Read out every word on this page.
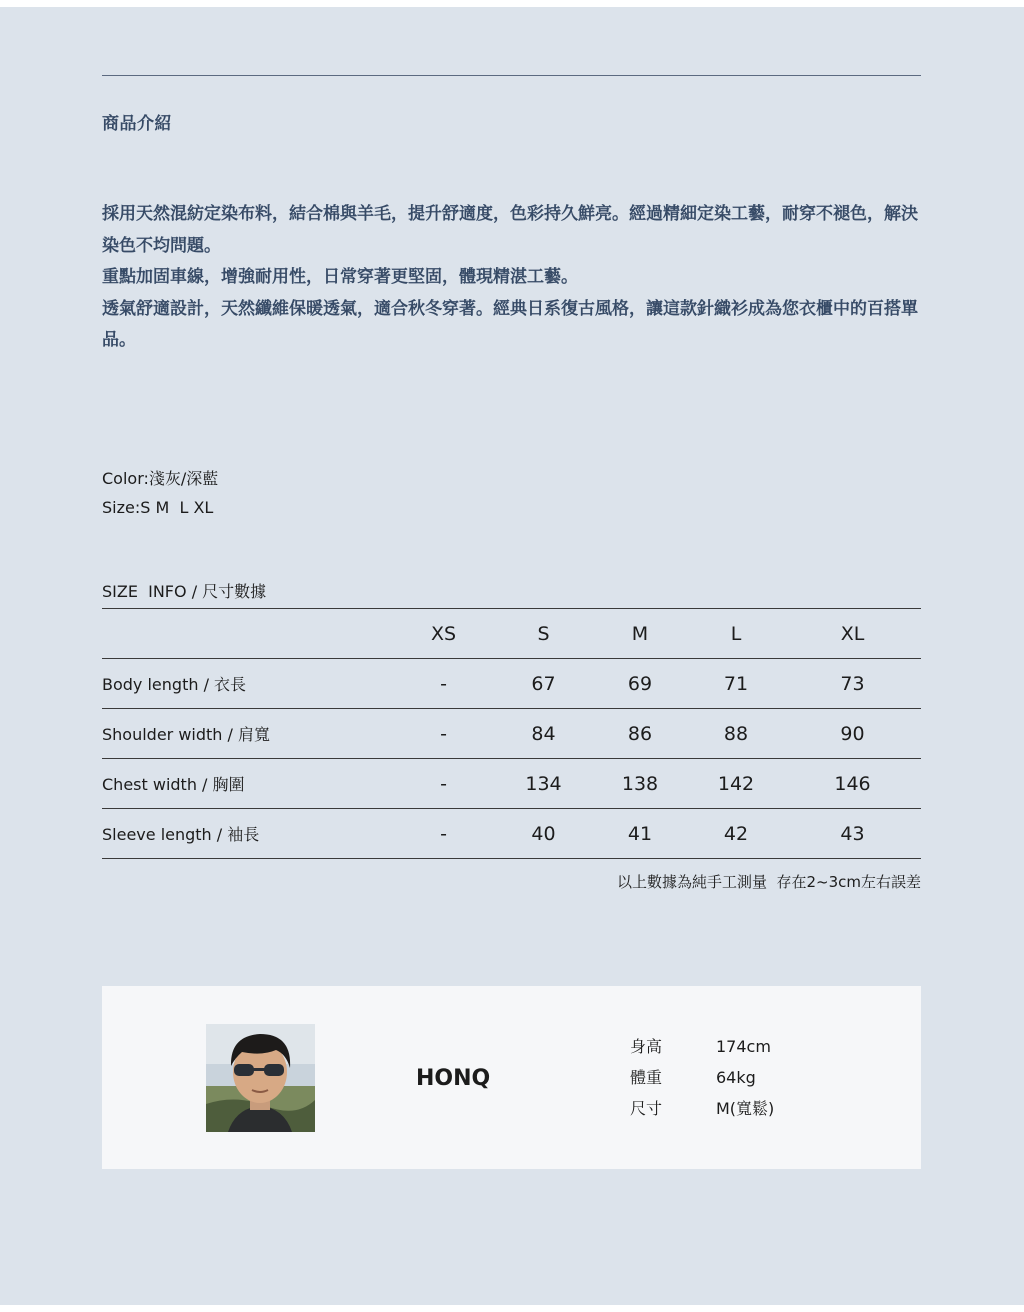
商品介紹

採用天然混紡定染布料，結合棉與羊毛，提升舒適度，色彩持久鮮亮。經過精細定染工藝，耐穿不褪色，解決染色不均問題。

重點加固車線，增強耐用性，日常穿著更堅固，體現精湛工藝。

透氣舒適設計，天然纖維保暖透氣，適合秋冬穿著。經典日系復古風格，讓這款針織衫成為您衣櫃中的百搭單品。

Color:淺灰/深藍
Size:S M  L XL
SIZE  INFO / 尺寸數據
	XS	S	M	L	XL
Body length / 衣長	-	67	69	71	73
Shoulder width / 肩寬	-	84	86	88	90
Chest width / 胸圍	-	134	138	142	146
Sleeve length / 袖長	-	40	41	42	43
以上數據為純手工測量  存在2~3cm左右誤差
HONQ
身高	174cm
體重	64kg
尺寸	M(寬鬆)
